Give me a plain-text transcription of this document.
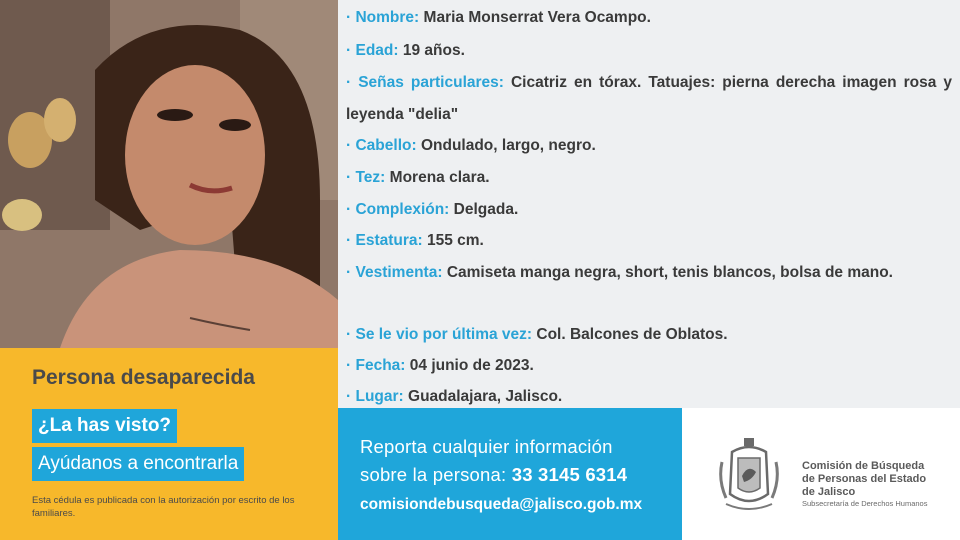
· Nombre: Maria Monserrat Vera Ocampo.
· Edad: 19 años.
· Señas particulares: Cicatriz en tórax. Tatuajes: pierna derecha imagen rosa y leyenda "delia"
· Cabello: Ondulado, largo, negro.
· Tez: Morena clara.
· Complexión: Delgada.
· Estatura: 155 cm.
· Vestimenta: Camiseta manga negra, short, tenis blancos, bolsa de mano.
· Se le vio por última vez: Col. Balcones de Oblatos.
· Fecha: 04 junio de 2023.
· Lugar: Guadalajara, Jalisco.
Persona desaparecida
¿La has visto?
Ayúdanos a encontrarla
Esta cédula es publicada con la autorización por escrito de los familiares.
Reporta cualquier información
sobre la persona: 33 3145 6314
comisiondebusqueda@jalisco.gob.mx
Comisión de Búsqueda
de Personas del Estado
de Jalisco
Subsecretaría de Derechos Humanos
